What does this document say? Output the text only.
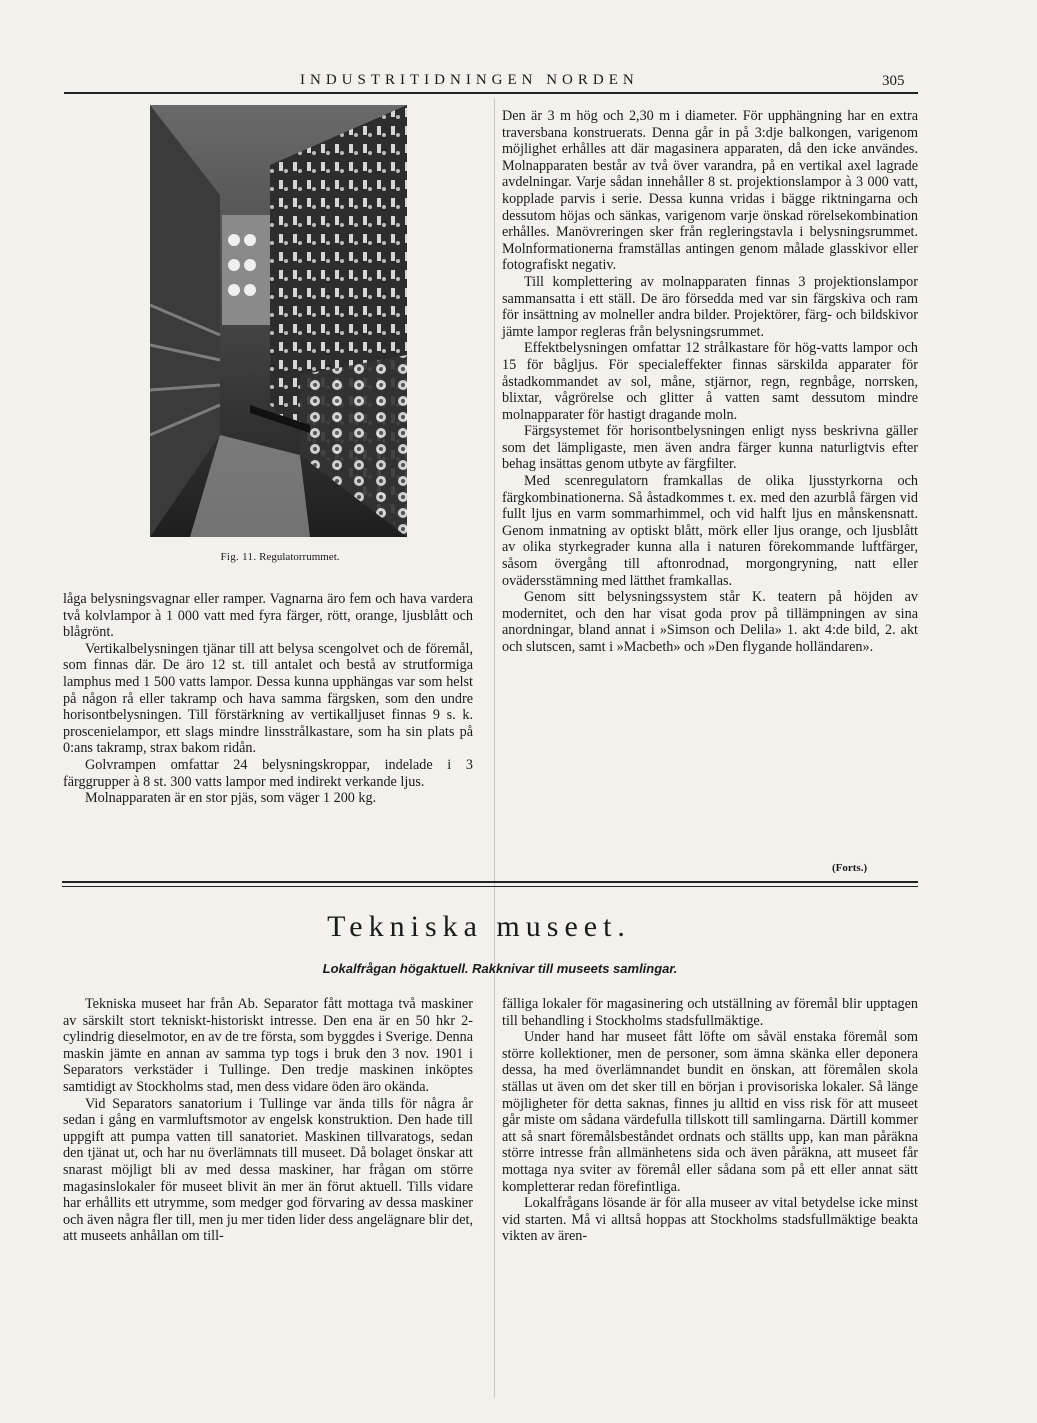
INDUSTRITIDNINGEN NORDEN	305
Fig. 11. Regulatorrummet.

låga belysningsvagnar eller ramper. Vagnarna äro fem och hava vardera två kolvlampor à 1 000 vatt med fyra färger, rött, orange, ljusblått och blågrönt.

Vertikalbelysningen tjänar till att belysa scengolvet och de föremål, som finnas där. De äro 12 st. till antalet och bestå av strutformiga lamphus med 1 500 vatts lampor. Dessa kunna upphängas var som helst på någon rå eller takramp och hava samma färgsken, som den undre horisontbelysningen. Till förstärkning av vertikalljuset finnas 9 s. k. proscenielampor, ett slags mindre linsstrålkastare, som ha sin plats på 0:ans takramp, strax bakom ridån.

Golvrampen omfattar 24 belysningskroppar, indelade i 3 färggrupper à 8 st. 300 vatts lampor med indirekt verkande ljus.

Molnapparaten är en stor pjäs, som väger 1 200 kg.

Den är 3 m hög och 2,30 m i diameter. För upphängning har en extra traversbana konstruerats. Denna går in på 3:dje balkongen, varigenom möjlighet erhålles att där magasinera apparaten, då den icke användes. Molnapparaten består av två över varandra, på en vertikal axel lagrade avdelningar. Varje sådan innehåller 8 st. projektionslampor à 3 000 vatt, kopplade parvis i serie. Dessa kunna vridas i bägge riktningarna och dessutom höjas och sänkas, varigenom varje önskad rörelsekombination erhålles. Manövreringen sker från regleringstavla i belysningsrummet. Molnformationerna framställas antingen genom målade glasskivor eller fotografiskt negativ.

Till komplettering av molnapparaten finnas 3 projektionslampor sammansatta i ett ställ. De äro försedda med var sin färgskiva och ram för insättning av molneller andra bilder. Projektörer, färg- och bildskivor jämte lampor regleras från belysningsrummet.

Effektbelysningen omfattar 12 strålkastare för hög-vatts lampor och 15 för bågljus. För specialeffekter finnas särskilda apparater för åstadkommandet av sol, måne, stjärnor, regn, regnbåge, norrsken, blixtar, vågrörelse och glitter å vatten samt dessutom mindre molnapparater för hastigt dragande moln.

Färgsystemet för horisontbelysningen enligt nyss beskrivna gäller som det lämpligaste, men även andra färger kunna naturligtvis efter behag insättas genom utbyte av färgfilter.

Med scenregulatorn framkallas de olika ljusstyrkorna och färgkombinationerna. Så åstadkommes t. ex. med den azurblå färgen vid fullt ljus en varm sommarhimmel, och vid halft ljus en månskensnatt. Genom inmatning av optiskt blått, mörk eller ljus orange, och ljusblått av olika styrkegrader kunna alla i naturen förekommande luftfärger, såsom övergång till aftonrodnad, morgongryning, natt eller ovädersstämning med lätthet framkallas.

Genom sitt belysningssystem står K. teatern på höjden av modernitet, och den har visat goda prov på tillämpningen av sina anordningar, bland annat i »Simson och Delila» 1. akt 4:de bild, 2. akt och slutscen, samt i »Macbeth» och »Den flygande holländaren».

(Forts.)
Tekniska museet.
Lokalfrågan högaktuell. Rakknivar till museets samlingar.

Tekniska museet har från Ab. Separator fått mottaga två maskiner av särskilt stort tekniskt-historiskt intresse. Den ena är en 50 hkr 2-cylindrig dieselmotor, en av de tre första, som byggdes i Sverige. Denna maskin jämte en annan av samma typ togs i bruk den 3 nov. 1901 i Separators verkstäder i Tullinge. Den tredje maskinen inköptes samtidigt av Stockholms stad, men dess vidare öden äro okända.

Vid Separators sanatorium i Tullinge var ända tills för några år sedan i gång en varmluftsmotor av engelsk konstruktion. Den hade till uppgift att pumpa vatten till sanatoriet. Maskinen tillvaratogs, sedan den tjänat ut, och har nu överlämnats till museet. Då bolaget önskar att snarast möjligt bli av med dessa maskiner, har frågan om större magasinslokaler för museet blivit än mer än förut aktuell. Tills vidare har erhållits ett utrymme, som medger god förvaring av dessa maskiner och även några fler till, men ju mer tiden lider dess angelägnare blir det, att museets anhållan om till-

fälliga lokaler för magasinering och utställning av föremål blir upptagen till behandling i Stockholms stadsfullmäktige.

Under hand har museet fått löfte om såväl enstaka föremål som större kollektioner, men de personer, som ämna skänka eller deponera dessa, ha med överlämnandet bundit en önskan, att föremålen skola ställas ut även om det sker till en början i provisoriska lokaler. Så länge möjligheter för detta saknas, finnes ju alltid en viss risk för att museet går miste om sådana värdefulla tillskott till samlingarna. Därtill kommer att så snart föremålsbeståndet ordnats och ställts upp, kan man påräkna större intresse från allmänhetens sida och även påräkna, att museet får mottaga nya sviter av föremål eller sådana som på ett eller annat sätt kompletterar redan förefintliga.

Lokalfrågans lösande är för alla museer av vital betydelse icke minst vid starten. Må vi alltså hoppas att Stockholms stadsfullmäktige beakta vikten av ären-
